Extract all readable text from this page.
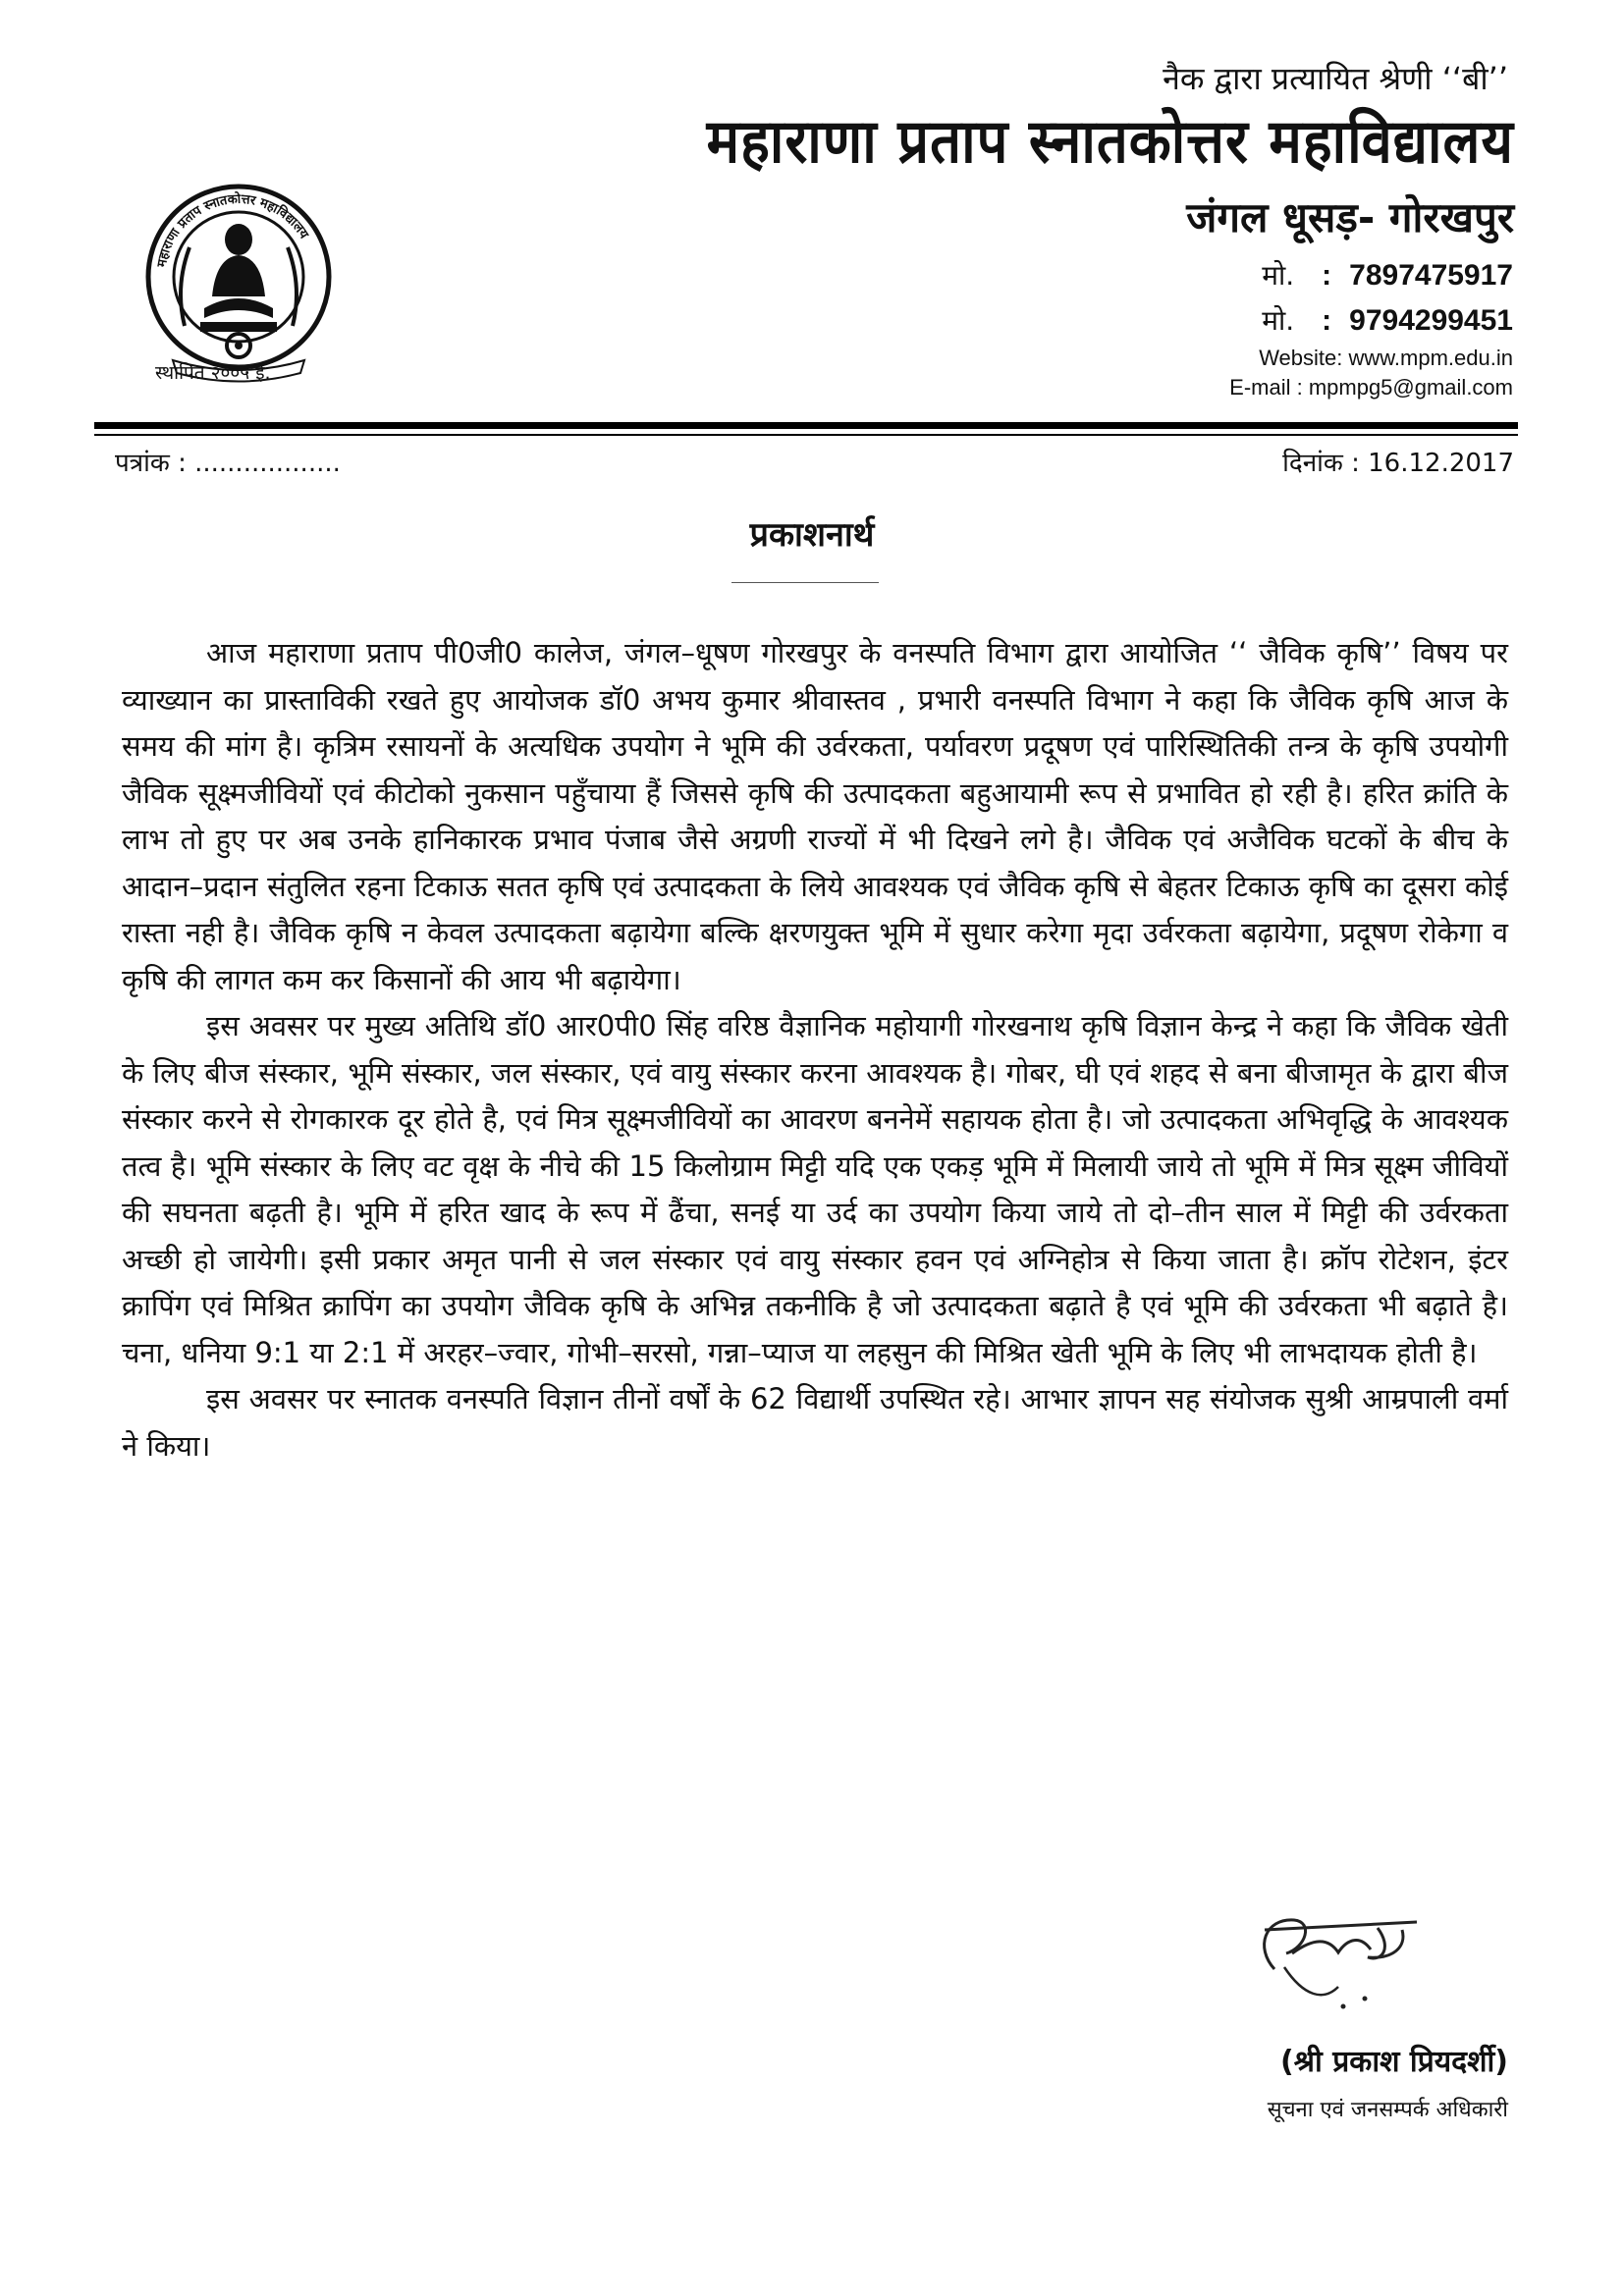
नैक द्वारा प्रत्यायित श्रेणी ‘‘बी’’
महाराणा प्रताप स्नातकोत्तर महाविद्यालय
जंगल धूसड़- गोरखपुर
मो. : 7897475917
मो. : 9794299451
Website: www.mpm.edu.in
E-mail : mpmpg5@gmail.com
महाराणा प्रताप स्नातकोत्तर महाविद्यालय
स्थापित २००५ ई.
पत्रांक : ..................	दिनांक : 16.12.2017
प्रकाशनार्थ

आज महाराणा प्रताप पी0जी0 कालेज, जंगल–धूषण गोरखपुर के वनस्पति विभाग द्वारा आयोजित ‘‘ जैविक कृषि’’ विषय पर व्याख्यान का प्रास्ताविकी रखते हुए आयोजक डॉ0 अभय कुमार श्रीवास्तव , प्रभारी वनस्पति विभाग ने कहा कि जैविक कृषि आज के समय की मांग है। कृत्रिम रसायनों के अत्यधिक उपयोग ने भूमि की उर्वरकता, पर्यावरण प्रदूषण एवं पारिस्थितिकी तन्त्र के कृषि उपयोगी जैविक सूक्ष्मजीवियों एवं कीटोको नुकसान पहुँचाया हैं जिससे कृषि की उत्पादकता बहुआयामी रूप से प्रभावित हो रही है। हरित क्रांति के लाभ तो हुए पर अब उनके हानिकारक प्रभाव पंजाब जैसे अग्रणी राज्यों में भी दिखने लगे है। जैविक एवं अजैविक घटकों के बीच के आदान–प्रदान संतुलित रहना टिकाऊ सतत कृषि एवं उत्पादकता के लिये आवश्यक एवं जैविक कृषि से बेहतर टिकाऊ कृषि का दूसरा कोई रास्ता नही है। जैविक कृषि न केवल उत्पादकता बढ़ायेगा बल्कि क्षरणयुक्त भूमि में सुधार करेगा मृदा उर्वरकता बढ़ायेगा, प्रदूषण रोकेगा व कृषि की लागत कम कर किसानों की आय भी बढ़ायेगा।

इस अवसर पर मुख्य अतिथि डॉ0 आर0पी0 सिंह वरिष्ठ वैज्ञानिक महोयागी गोरखनाथ कृषि विज्ञान केन्द्र ने कहा कि जैविक खेती के लिए बीज संस्कार, भूमि संस्कार, जल संस्कार, एवं वायु संस्कार करना आवश्यक है। गोबर, घी एवं शहद से बना बीजामृत के द्वारा बीज संस्कार करने से रोगकारक दूर होते है, एवं मित्र सूक्ष्मजीवियों का आवरण बननेमें सहायक होता है। जो उत्पादकता अभिवृद्धि के आवश्यक तत्व है। भूमि संस्कार के लिए वट वृक्ष के नीचे की 15 किलोग्राम मिट्टी यदि एक एकड़ भूमि में मिलायी जाये तो भूमि में मित्र सूक्ष्म जीवियों की सघनता बढ़ती है। भूमि में हरित खाद के रूप में ढैंचा, सनई या उर्द का उपयोग किया जाये तो दो–तीन साल में मिट्टी की उर्वरकता अच्छी हो जायेगी। इसी प्रकार अमृत पानी से जल संस्कार एवं वायु संस्कार हवन एवं अग्निहोत्र से किया जाता है। क्रॉप रोटेशन, इंटर क्रापिंग एवं मिश्रित क्रापिंग का उपयोग जैविक कृषि के अभिन्न तकनीकि है जो उत्पादकता बढ़ाते है एवं भूमि की उर्वरकता भी बढ़ाते है। चना, धनिया 9:1 या 2:1 में अरहर–ज्वार, गोभी–सरसो, गन्ना–प्याज या लहसुन की मिश्रित खेती भूमि के लिए भी लाभदायक होती है।

इस अवसर पर स्नातक वनस्पति विज्ञान तीनों वर्षों के 62 विद्यार्थी उपस्थित रहे। आभार ज्ञापन सह संयोजक सुश्री आम्रपाली वर्मा ने किया।

(श्री प्रकाश प्रियदर्शी)
सूचना एवं जनसम्पर्क अधिकारी
